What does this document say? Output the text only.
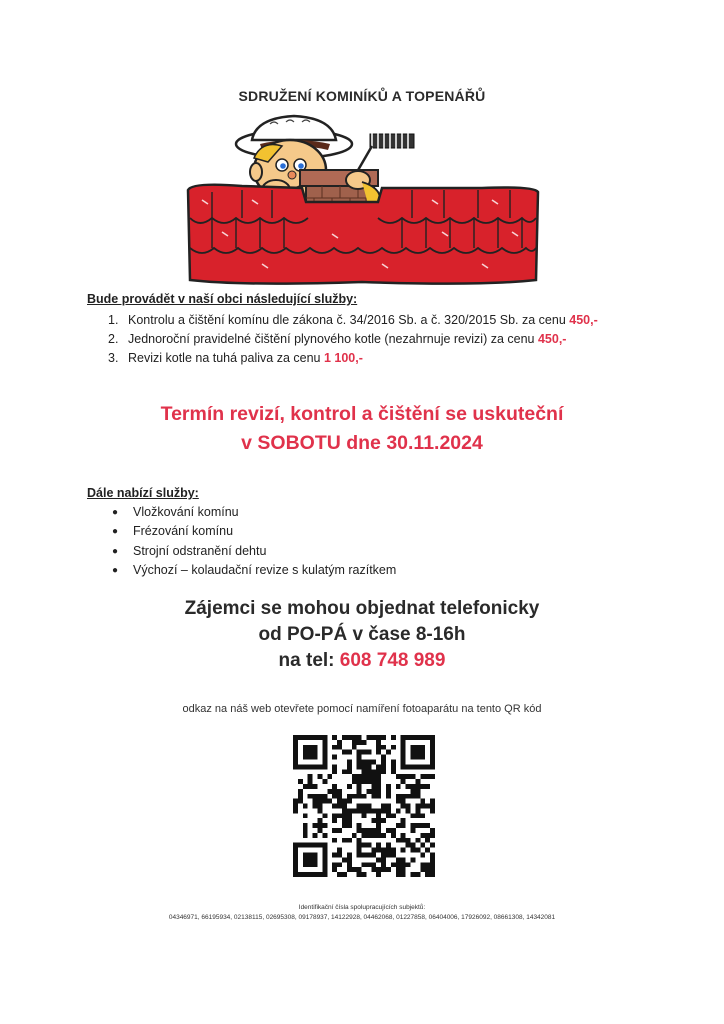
SDRUŽENÍ KOMINÍKŮ A TOPENÁŘŮ
Bude provádět v naší obci následující služby:
1. Kontrolu a čištění komínu dle zákona č. 34/2016 Sb. a č. 320/2015 Sb. za cenu 450,-
2. Jednoroční pravidelné čištění plynového kotle (nezahrnuje revizi) za cenu 450,-
3. Revizi kotle na tuhá paliva za cenu 1 100,-
Termín revizí, kontrol a čištění se uskuteční
v SOBOTU dne 30.11.2024
Dále nabízí služby:
● Vložkování komínu
● Frézování komínu
● Strojní odstranění dehtu
● Výchozí – kolaudační revize s kulatým razítkem
Zájemci se mohou objednat telefonicky
od PO-PÁ v čase 8-16h
na tel: 608 748 989
odkaz na náš web otevřete pomocí namíření fotoaparátu na tento QR kód
Identifikační čísla spolupracujících subjektů:
04346971, 66195934, 02138115, 02695308, 09178937, 14122928, 04462068, 01227858, 06404006, 17926092, 08661308, 14342081
